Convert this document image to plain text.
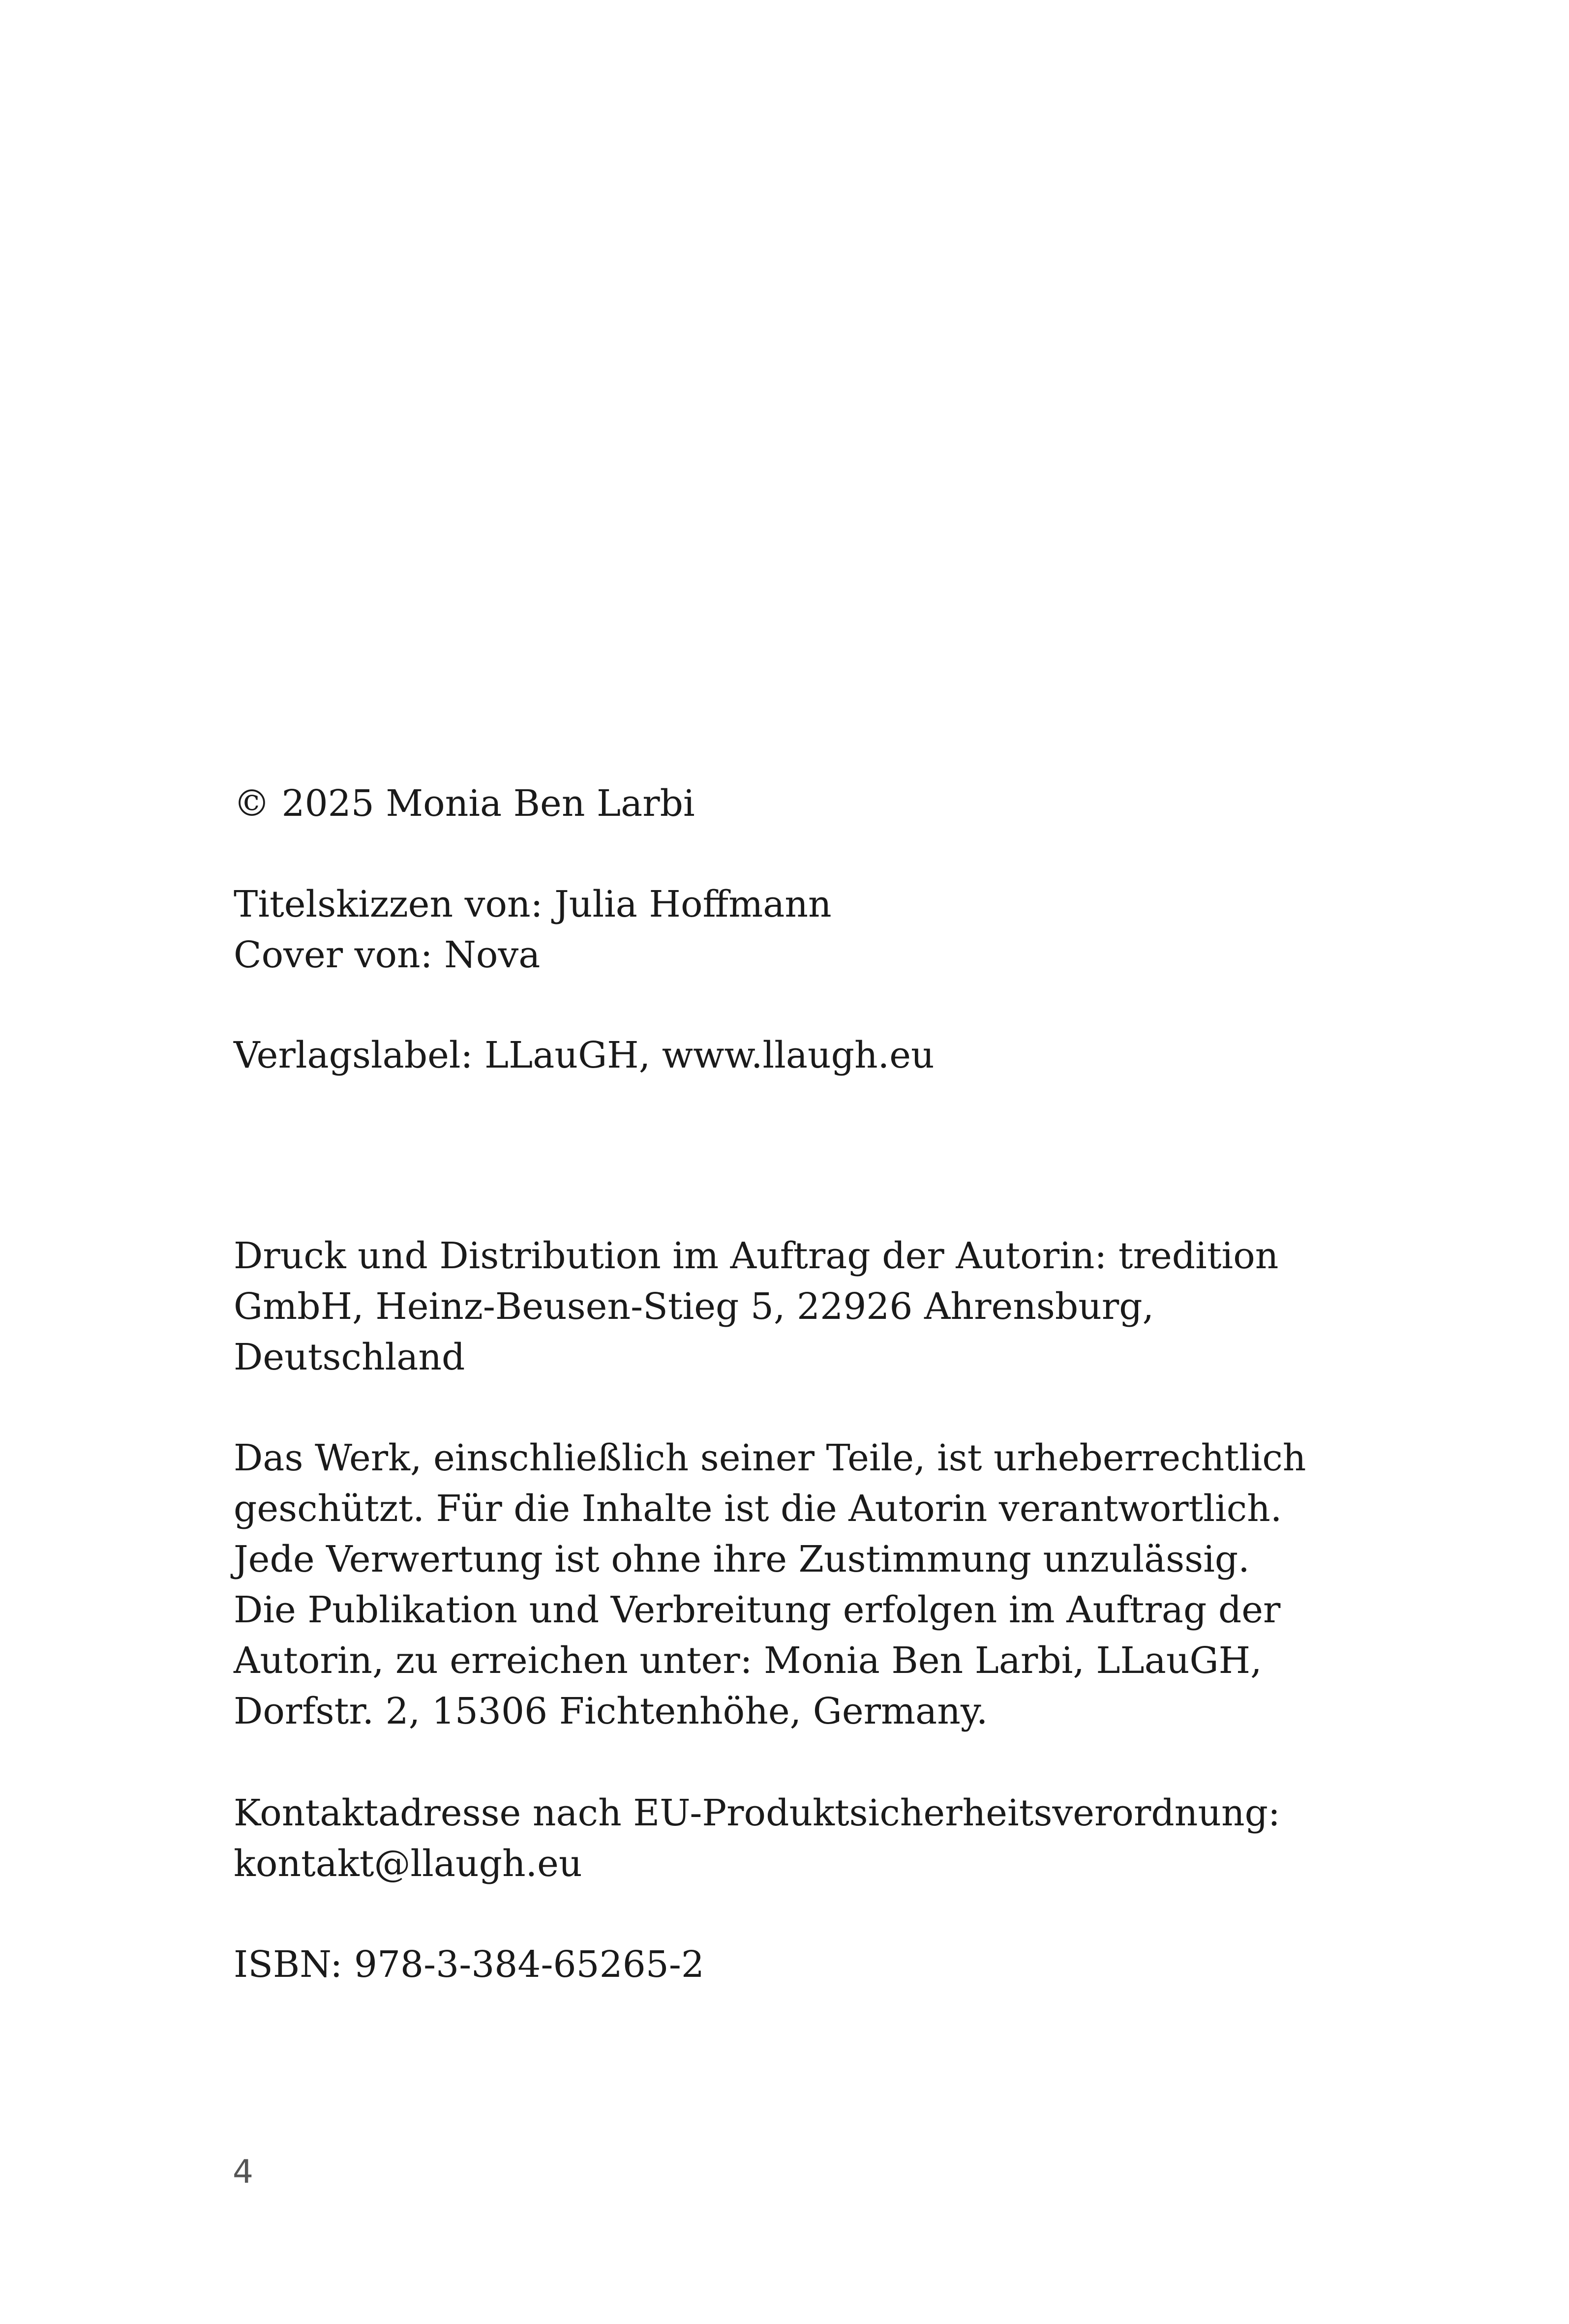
© 2025 Monia Ben Larbi

Titelskizzen von: Julia Hoffmann
Cover von: Nova

Verlagslabel: LLauGH, www.llaugh.eu

Druck und Distribution im Auftrag der Autorin: tredition
GmbH, Heinz-Beusen-Stieg 5, 22926 Ahrensburg,
Deutschland

Das Werk, einschließlich seiner Teile, ist urheberrechtlich
geschützt. Für die Inhalte ist die Autorin verantwortlich.
Jede Verwertung ist ohne ihre Zustimmung unzulässig.
Die Publikation und Verbreitung erfolgen im Auftrag der
Autorin, zu erreichen unter: Monia Ben Larbi, LLauGH,
Dorfstr. 2, 15306 Fichtenhöhe, Germany.

Kontaktadresse nach EU-Produktsicherheitsverordnung:
kontakt@llaugh.eu

ISBN: 978-3-384-65265-2

4
